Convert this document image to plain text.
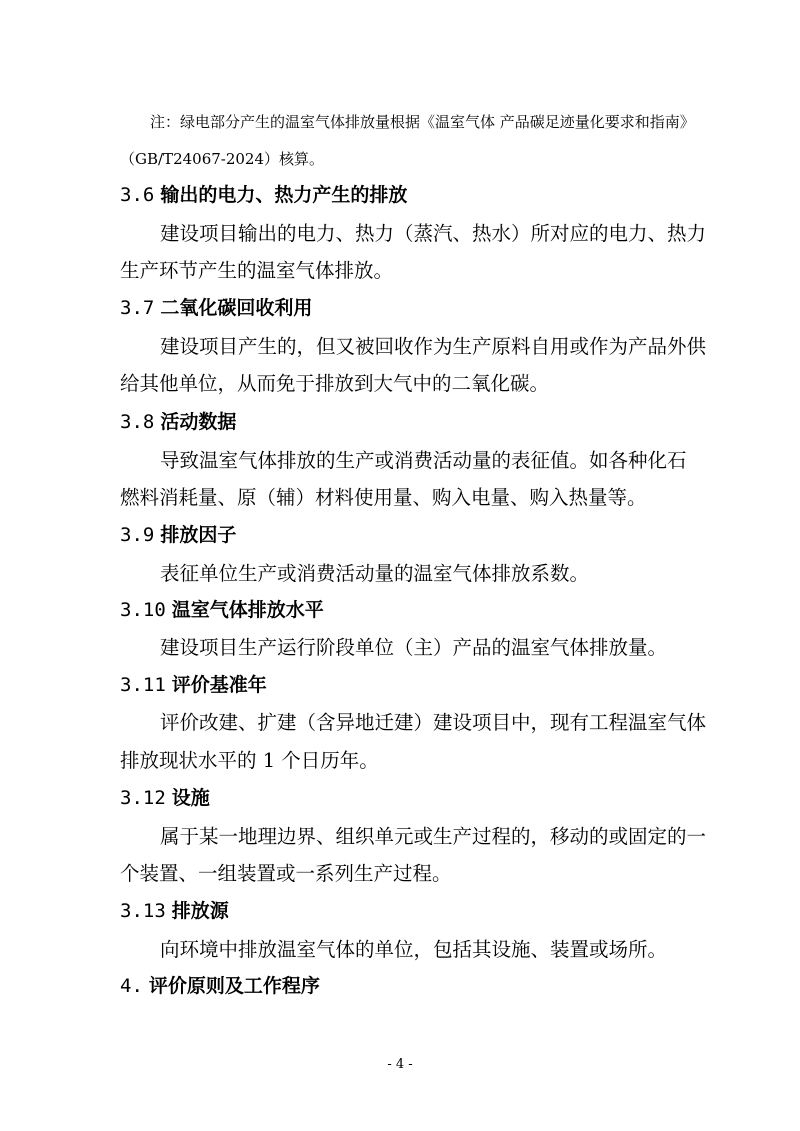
注：绿电部分产生的温室气体排放量根据《温室气体 产品碳足迹量化要求和指南》
（GB/T24067-2024）核算。
3.6 输出的电力、热力产生的排放
建设项目输出的电力、热力（蒸汽、热水）所对应的电力、热力
生产环节产生的温室气体排放。
3.7 二氧化碳回收利用
建设项目产生的，但又被回收作为生产原料自用或作为产品外供
给其他单位，从而免于排放到大气中的二氧化碳。
3.8 活动数据
导致温室气体排放的生产或消费活动量的表征值。如各种化石
燃料消耗量、原（辅）材料使用量、购入电量、购入热量等。
3.9 排放因子
表征单位生产或消费活动量的温室气体排放系数。
3.10 温室气体排放水平
建设项目生产运行阶段单位（主）产品的温室气体排放量。
3.11 评价基准年
评价改建、扩建（含异地迁建）建设项目中，现有工程温室气体
排放现状水平的 1 个日历年。
3.12 设施
属于某一地理边界、组织单元或生产过程的，移动的或固定的一
个装置、一组装置或一系列生产过程。
3.13 排放源
向环境中排放温室气体的单位，包括其设施、装置或场所。
4. 评价原则及工作程序
- 4 -
